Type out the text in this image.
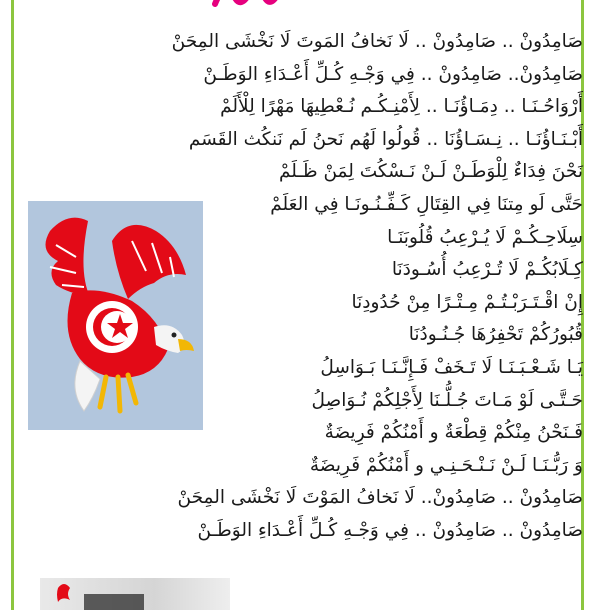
صَامِدُونْ .. صَامِدُونْ .. لَا نَخافُ المَوتَ لَا نَخْشَى المِحَنْ
صَامِدُونْ.. صَامِدُونْ .. فِي وَجْـهِ كُـلِّ أَعْـدَاءِ الوَطَـنْ
أَرْوَاحُـنَـا .. دِمَـاؤُنَـا .. لِأَمْنِـكُـم نُـعْطِيهَا مَهْرًا لِلْأَلَمْ
أَبْـنَـاؤُنَـا .. نِـسَـاؤُنَا .. قُولُوا لَهُم نَحنُ لَم نَنكُث القَسَم
نَحْنَ فِدَاءٌ لِلْوَطَـنْ لَـنْ نَـسْكُتَ لِمَنْ ظَـلَمْ
حَتَّى لَو مِتنَا فِي القِتَالِ كَـفِّـنُـونَـا فِي العَلَمْ
سِلَاحِـكُـمْ لَا يُـرْعِبُ قُلُوبَنَـا
كِـلَابُكُـمْ لَا تُـرْعِبُ أُسُـودَنَا
إِنْ اقْـتَـرَبْـتُـمْ مِـتْـرًا مِنْ حُدُودِنَا
قُبُورُكُمْ تَحْفِرُهَا جُـنُـودُنَا
يَـا شَـعْـبَـنَـا لَا تَـخَفْ فَـإِنَّـنَـا بَـوَاسِلُ
حَـتَّـى لَوْ مَـاتَ جُـلُّـنَا لِأَجْلِكُمْ نُـوَاصِلُ
فَـنَحْنُ مِنْكُمْ قِطْعَةٌ و أَمْنُكُمْ فَرِيضَةٌ
وَ رَبُّـنَـا لَـنْ نَـنْـحَـنِـي و أَمْنُكُمْ فَرِيضَةٌ
صَامِدُونْ .. صَامِدُونْ.. لَا نَخافُ المَوْتَ لَا نَخْشَى المِحَنْ
صَامِدُونْ .. صَامِدُونْ .. فِي وَجْـهِ كُـلِّ أَعْـدَاءِ الوَطَـنْ
